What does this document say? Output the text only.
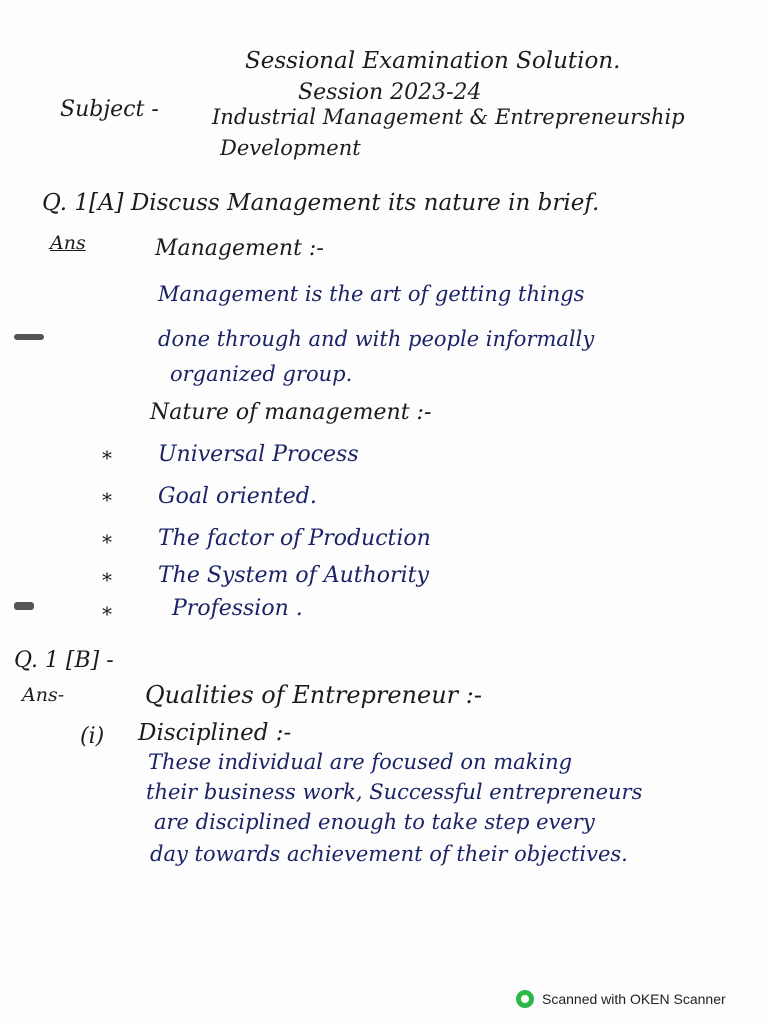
Sessional Examination Solution.
Session 2023-24
Subject -	Industrial Management & Entrepreneurship
Development
Q. 1[A] Discuss Management its nature in brief.
Ans	Management :-
Management is the art of getting things
done through and with people informally
organized group.
Nature of management :-
* Universal Process
* Goal oriented.
* The factor of Production
* The System of Authority
*	Profession .
Q. 1 [B] -
Ans-	Qualities of Entrepreneur :-
(i) Disciplined :-
These individual are focused on making
their business work, Successful entrepreneurs
are disciplined enough to take step every
day towards achievement of their objectives.
Scanned with OKEN Scanner
